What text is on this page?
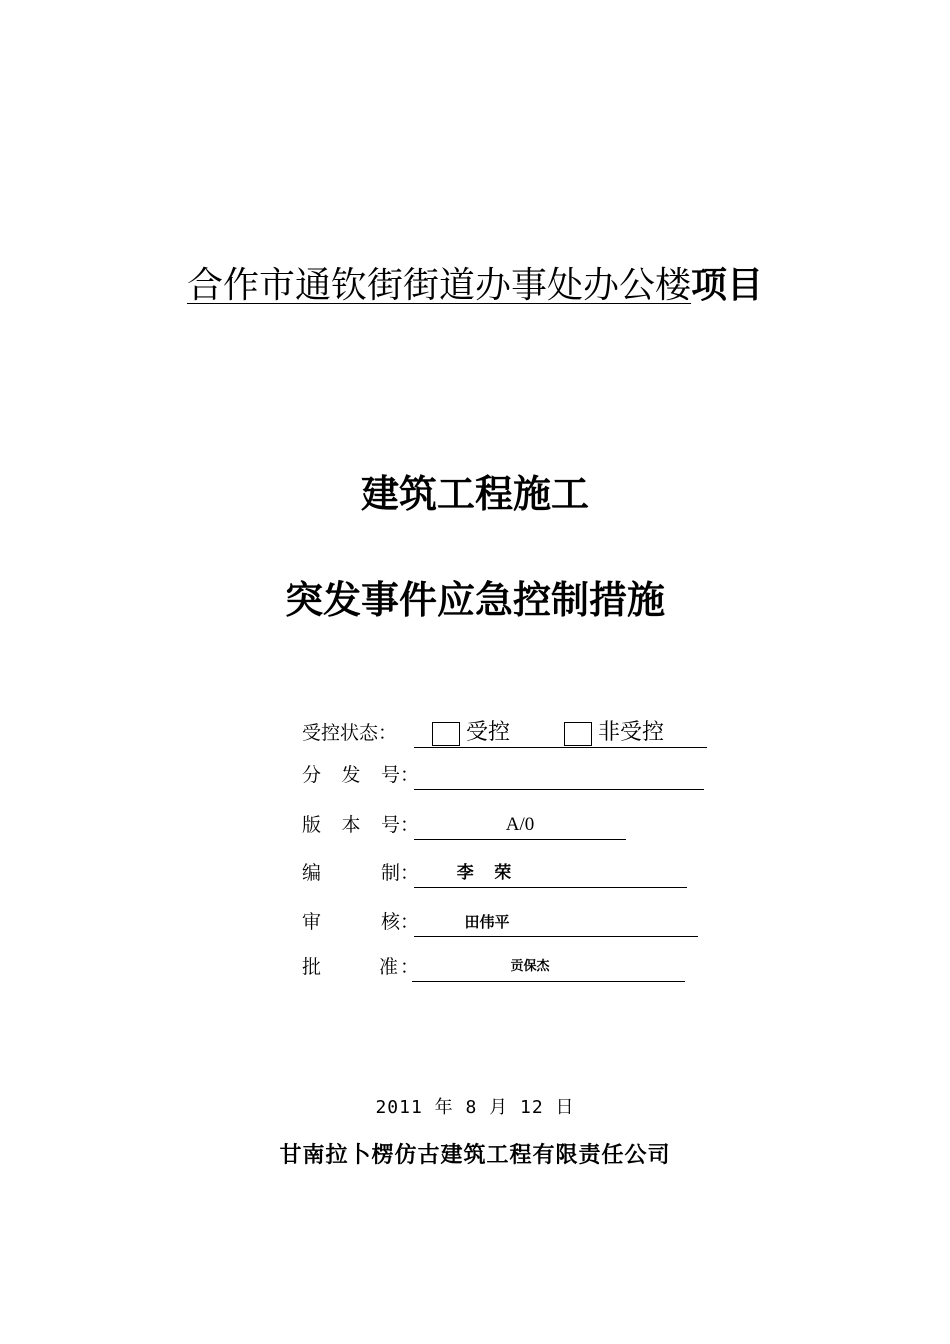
合作市通钦街街道办事处办公楼项目
建筑工程施工
突发事件应急控制措施
受控状态：	受控	非受控
分 发 号 ：
版 本 号 ：	A/0
编	制 ：	李  荣
审	核 ：	田伟平
批	准 ：	贡保杰
2011 年 8 月 12 日
甘南拉卜楞仿古建筑工程有限责任公司
